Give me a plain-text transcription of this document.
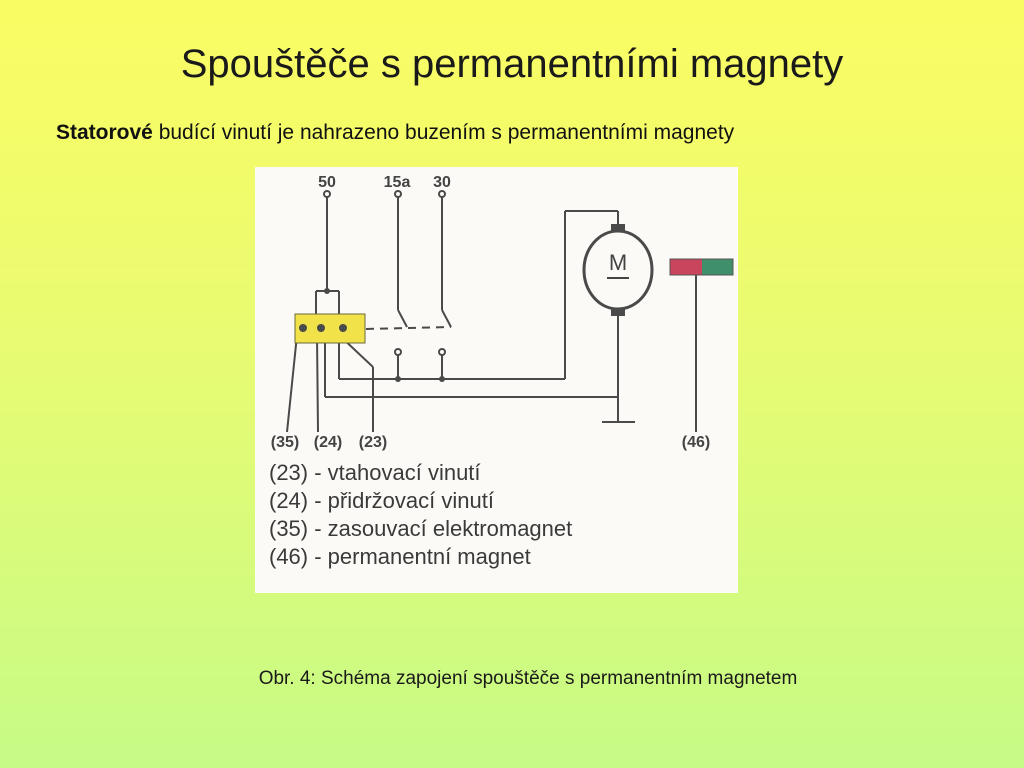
Spouštěče s permanentními magnety
Statorové budící vinutí je nahrazeno buzením s permanentními magnety
M
50	15a 30
(35) (24) (23)	(46)
(23) - vtahovací vinutí
(24) - přidržovací vinutí
(35) - zasouvací elektromagnet
(46) - permanentní magnet
Obr. 4: Schéma zapojení spouštěče s permanentním magnetem
